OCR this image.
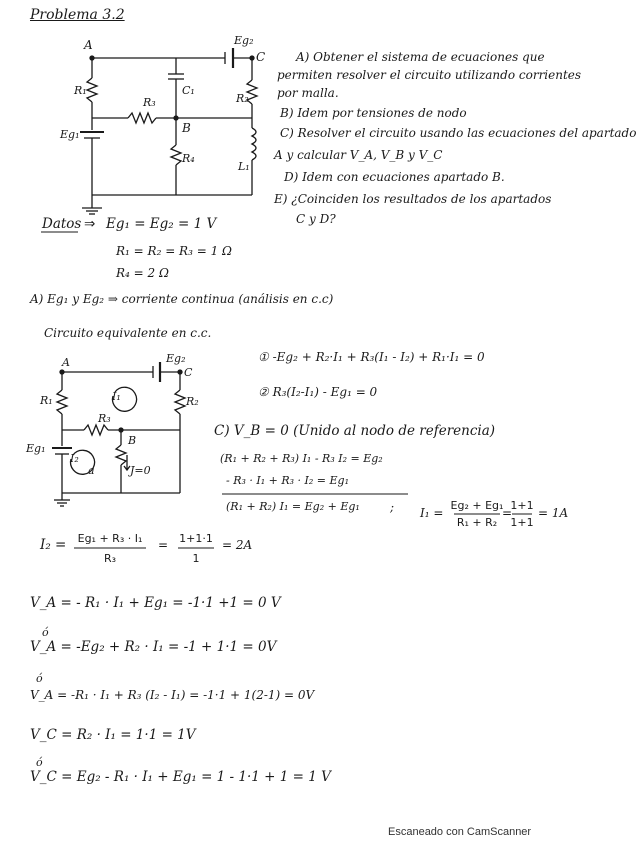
Problema 3.2
A
C
B
R₁
R₂
R₃
R₄
C₁
L₁
Eg₁
Eg₂
A) Obtener el sistema de ecuaciones que
permiten resolver el circuito utilizando corrientes
por malla.
B) Idem por tensiones de nodo
C) Resolver el circuito usando las ecuaciones del apartado
A y calcular V_A, V_B y V_C
D) Idem con ecuaciones apartado B.
E) ¿Coinciden los resultados de los apartados
C y D?
Datos ⇒ Eg₁ = Eg₂ = 1 V
R₁ = R₂ = R₃ = 1 Ω
R₄ = 2 Ω
A) Eg₁ y Eg₂ ⇒ corriente continua (análisis en c.c)
Circuito equivalente en c.c.
A
C
B
R₁	R₂
R₃
Eg₁
Eg₂
I₁
I₂
a	J=0
① -Eg₂ + R₂·I₁ + R₃(I₁ - I₂) + R₁·I₁ = 0
② R₃(I₂-I₁) - Eg₁ = 0
C) V_B = 0 (Unido al nodo de referencia)
(R₁ + R₂ + R₃) I₁ - R₃ I₂ = Eg₂
- R₃ · I₁ + R₃ · I₂ = Eg₁
(R₁ + R₂) I₁ = Eg₂ + Eg₁	; I₁ =
Eg₂ + Eg₁
R₁ + R₂
=
1+1
1+1
= 1A
I₂ =	Eg₁ + R₃ · I₁
R₃
=	1+1·1
1
= 2A
V_A = - R₁ · I₁ + Eg₁ = -1·1 +1 = 0 V
ó
V_A = -Eg₂ + R₂ · I₁ = -1 + 1·1 = 0V
ó
V_A = -R₁ · I₁ + R₃ (I₂ - I₁) = -1·1 + 1(2-1) = 0V
V_C = R₂ · I₁ = 1·1 = 1V
ó
V_C = Eg₂ - R₁ · I₁ + Eg₁ = 1 - 1·1 + 1 = 1 V
Escaneado con CamScanner
